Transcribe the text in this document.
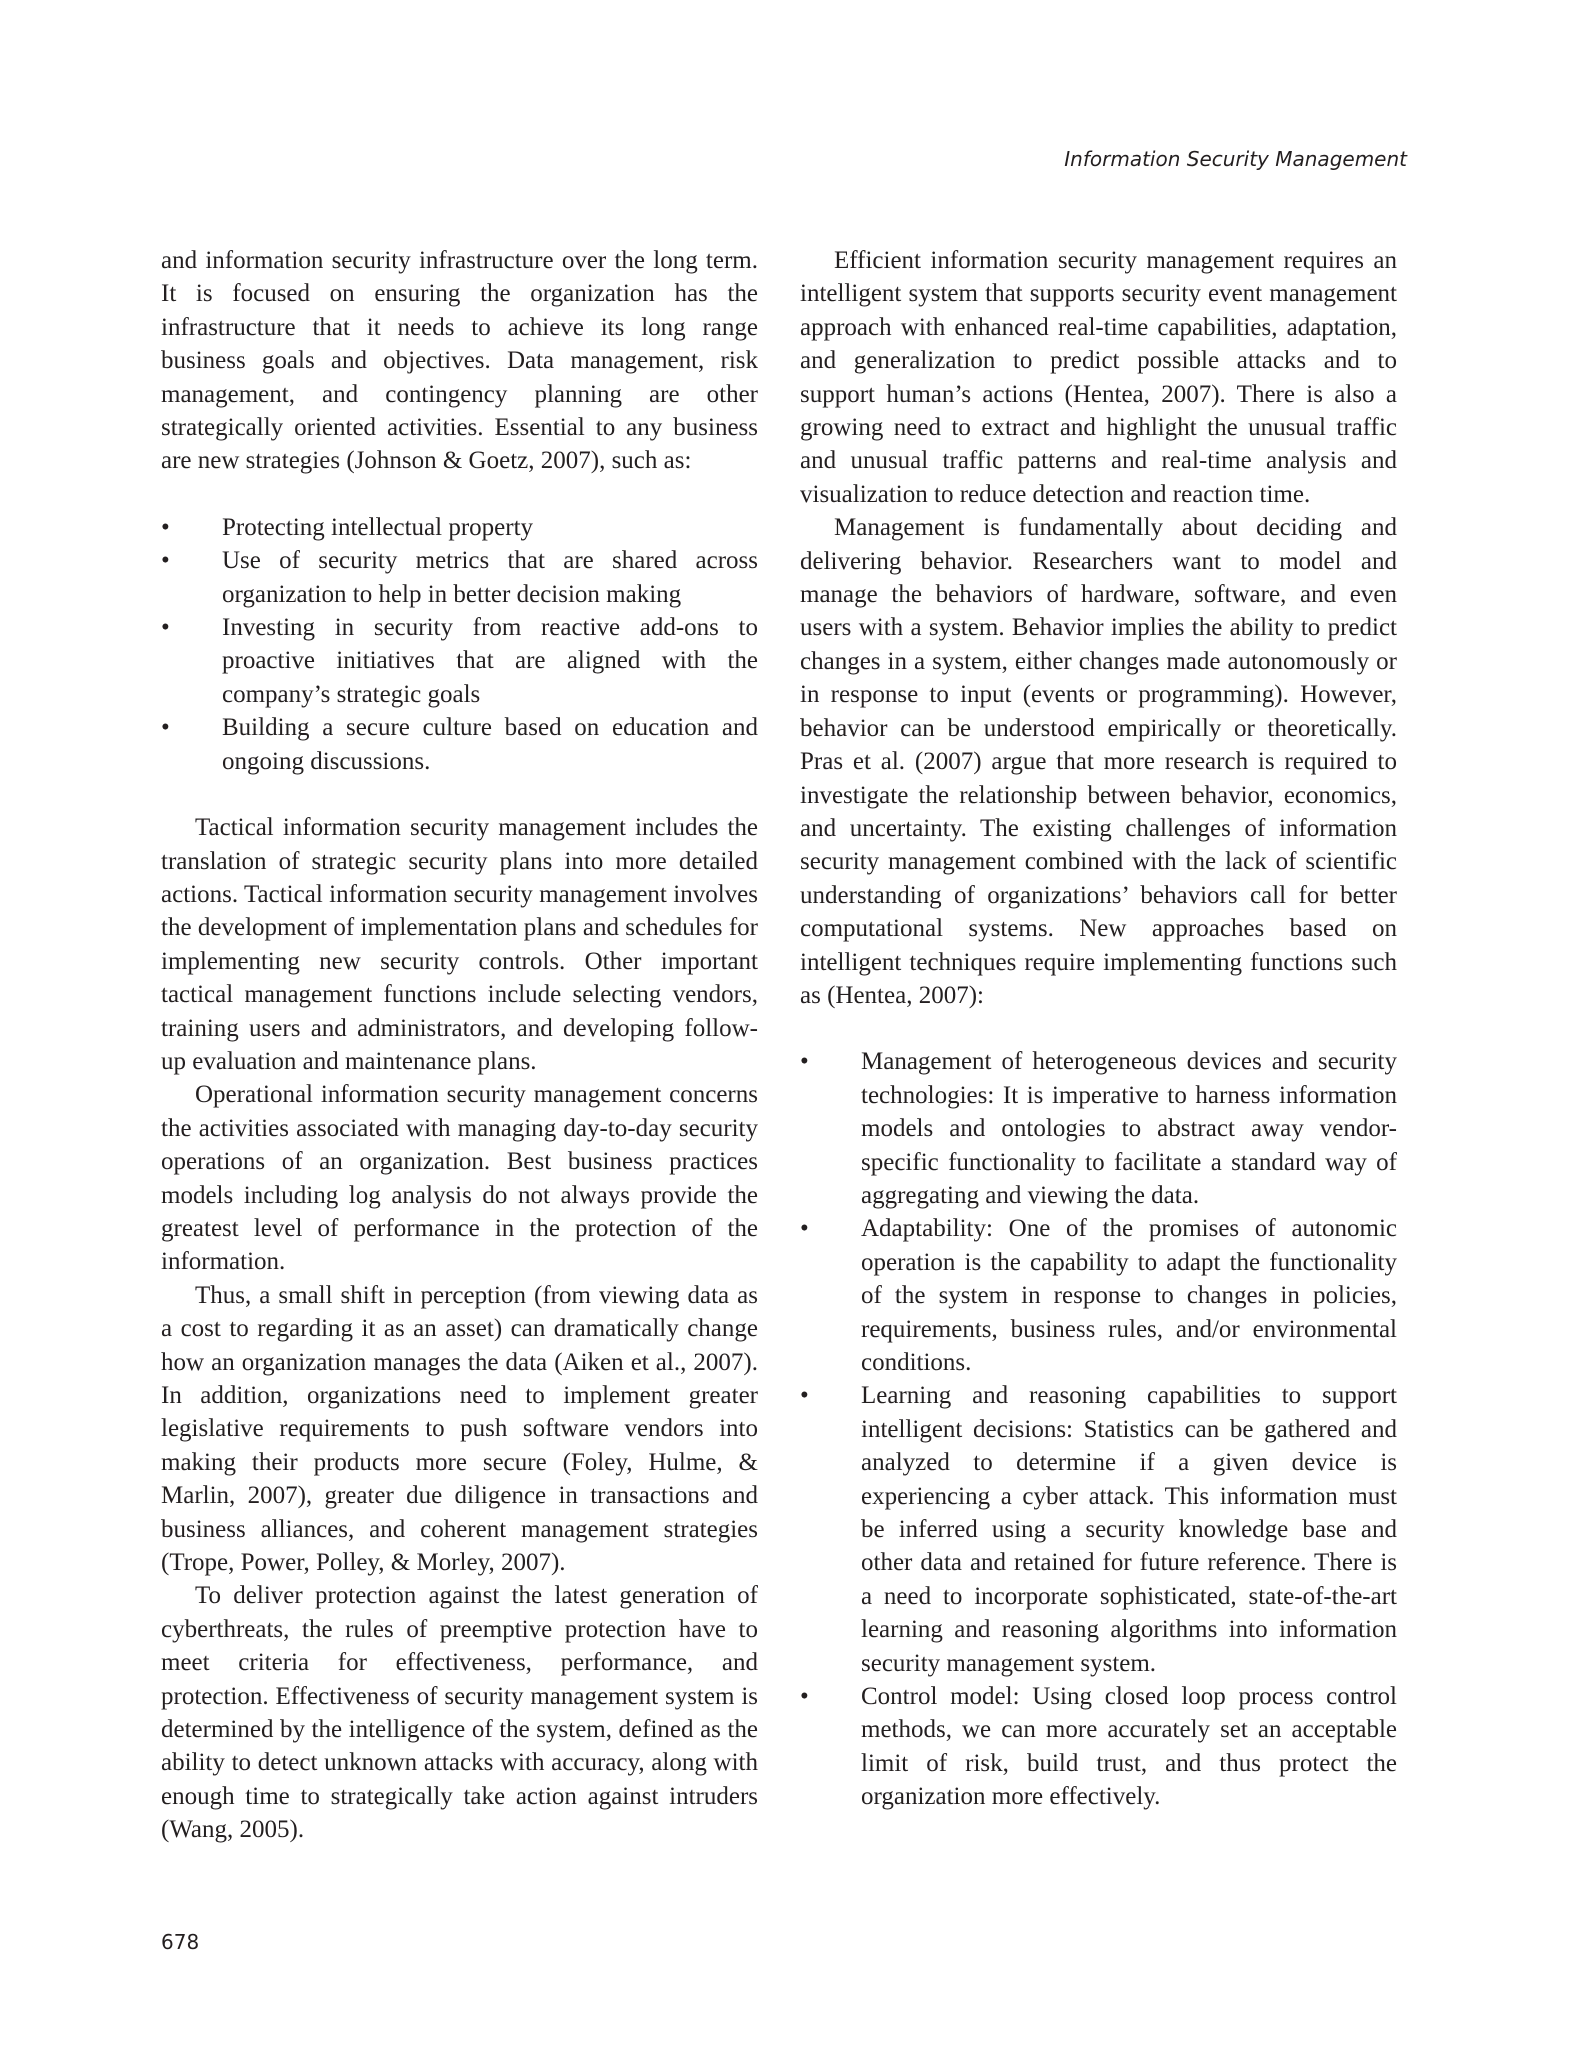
Information Security Management

and information security infrastructure over the long term. It is focused on ensuring the organization has the infrastructure that it needs to achieve its long range business goals and objectives. Data management, risk management, and contingency planning are other strategically oriented activities. Essential to any business are new strategies (Johnson & Goetz, 2007), such as:

• Protecting intellectual property
• Use of security metrics that are shared across organization to help in better decision making
• Investing in security from reactive add-ons to proactive initiatives that are aligned with the company’s strategic goals
• Building a secure culture based on education and ongoing discussions.

Tactical information security management includes the translation of strategic security plans into more detailed actions. Tactical information security management involves the development of implementation plans and schedules for implementing new security controls. Other important tactical management functions include selecting vendors, training users and administrators, and developing follow-up evaluation and maintenance plans.

Operational information security management concerns the activities associated with managing day-to-day security operations of an organization. Best business practices models including log analysis do not always provide the greatest level of performance in the protection of the information.

Thus, a small shift in perception (from viewing data as a cost to regarding it as an asset) can dramatically change how an organization manages the data (Aiken et al., 2007). In addition, organizations need to implement greater legislative requirements to push software vendors into making their products more secure (Foley, Hulme, & Marlin, 2007), greater due diligence in transactions and business alliances, and coherent management strategies (Trope, Power, Polley, & Morley, 2007).

To deliver protection against the latest generation of cyberthreats, the rules of preemptive protection have to meet criteria for effectiveness, performance, and protection. Effectiveness of security management system is determined by the intelligence of the system, defined as the ability to detect unknown attacks with accuracy, along with enough time to strategically take action against intruders (Wang, 2005).

Efficient information security management requires an intelligent system that supports security event management approach with enhanced real-time capabilities, adaptation, and generalization to predict possible attacks and to support human’s actions (Hentea, 2007). There is also a growing need to extract and highlight the unusual traffic and unusual traffic patterns and real-time analysis and visualization to reduce detection and reaction time.

Management is fundamentally about deciding and delivering behavior. Researchers want to model and manage the behaviors of hardware, software, and even users with a system. Behavior implies the ability to predict changes in a system, either changes made autonomously or in response to input (events or programming). However, behavior can be understood empirically or theoretically. Pras et al. (2007) argue that more research is required to investigate the relationship between behavior, economics, and uncertainty. The existing challenges of information security management combined with the lack of scientific understanding of organizations’ behaviors call for better computational systems. New approaches based on intelligent techniques require implementing functions such as (Hentea, 2007):

• Management of heterogeneous devices and security technologies: It is imperative to harness information models and ontologies to abstract away vendor-specific functionality to facilitate a standard way of aggregating and viewing the data.
• Adaptability: One of the promises of autonomic operation is the capability to adapt the functionality of the system in response to changes in policies, requirements, business rules, and/or environmental conditions.
• Learning and reasoning capabilities to support intelligent decisions: Statistics can be gathered and analyzed to determine if a given device is experiencing a cyber attack. This information must be inferred using a security knowledge base and other data and retained for future reference. There is a need to incorporate sophisticated, state-of-the-art learning and reasoning algorithms into information security management system.
• Control model: Using closed loop process control methods, we can more accurately set an acceptable limit of risk, build trust, and thus protect the organization more effectively.
678
